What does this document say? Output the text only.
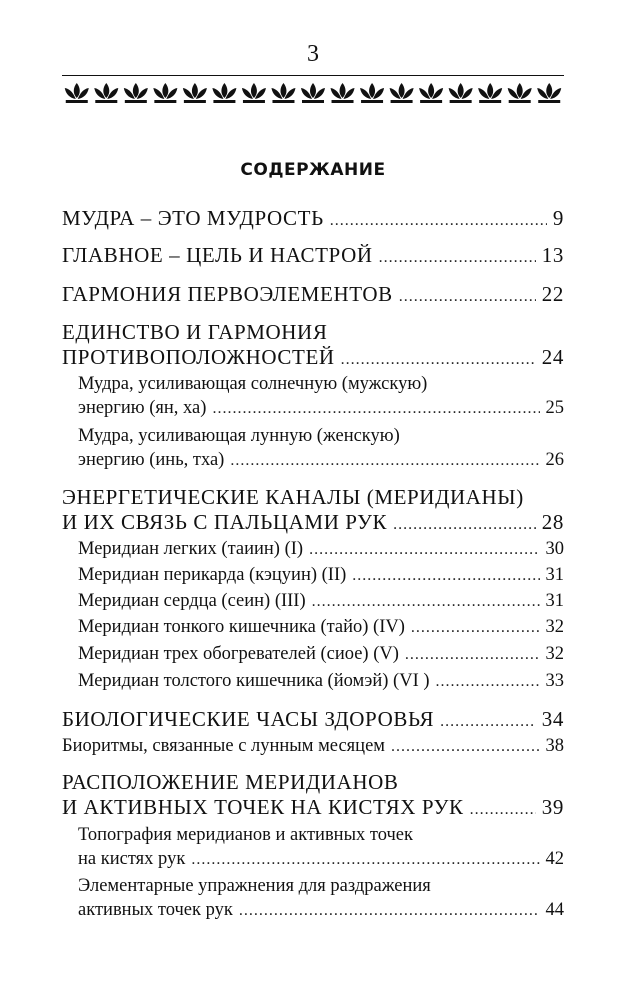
3
СОДЕРЖАНИЕ
МУДРА – ЭТО МУДРОСТЬ .....	9
ГЛАВНОЕ – ЦЕЛЬ И НАСТРОЙ .....	13
ГАРМОНИЯ ПЕРВОЭЛЕМЕНТОВ .....	22
ЕДИНСТВО И ГАРМОНИЯ
ПРОТИВОПОЛОЖНОСТЕЙ .....	24
Мудра, усиливающая солнечную (мужскую)
энергию (ян, ха) .....	25
Мудра, усиливающая лунную (женскую)
энергию (инь, тха) .....	26
ЭНЕРГЕТИЧЕСКИЕ КАНАЛЫ (МЕРИДИАНЫ)
И ИХ СВЯЗЬ С ПАЛЬЦАМИ РУК .....	28
Меридиан легких (таиин) (I) .....	30
Меридиан перикарда (кэцуин) (II) .....	31
Меридиан сердца (сеин) (III) .....	31
Меридиан тонкого кишечника (тайо) (IV) .....	32
Меридиан трех обогревателей (сиое) (V) .....	32
Меридиан толстого кишечника (йомэй) (VI ) .....	33
БИОЛОГИЧЕСКИЕ ЧАСЫ ЗДОРОВЬЯ .....	34
Биоритмы, связанные с лунным месяцем .....	38
РАСПОЛОЖЕНИЕ МЕРИДИАНОВ
И АКТИВНЫХ ТОЧЕК НА КИСТЯХ РУК .....	39
Топография меридианов и активных точек
на кистях рук .....	42
Элементарные упражнения для раздражения
активных точек рук .....	44
